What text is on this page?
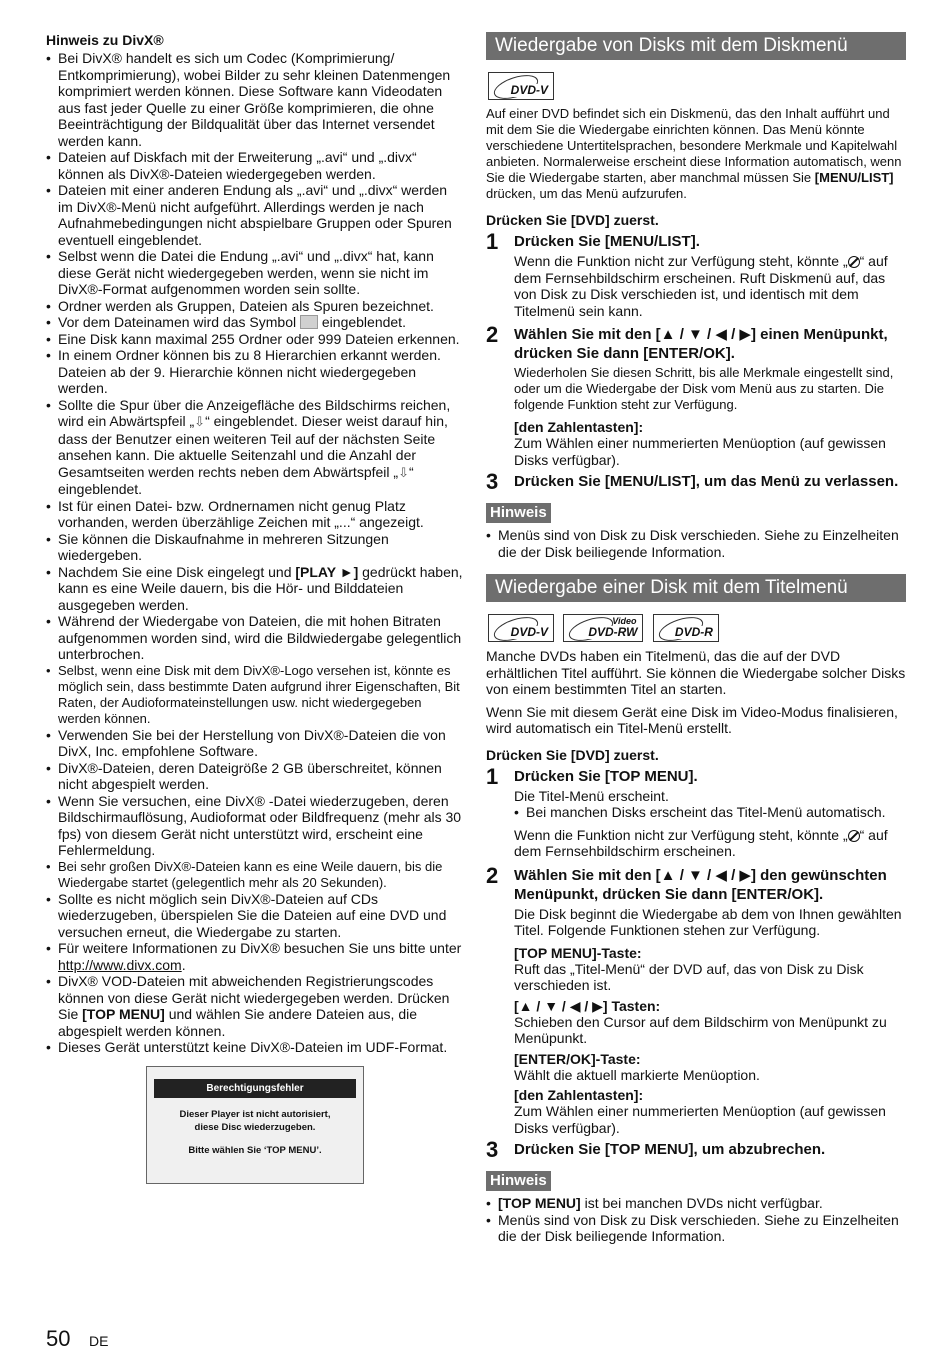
Hinweis zu DivX®
• Bei DivX® handelt es sich um Codec (Komprimierung/ Entkomprimierung), wobei Bilder zu sehr kleinen Datenmengen komprimiert werden können. Diese Software kann Videodaten aus fast jeder Quelle zu einer Größe komprimieren, die ohne Beeinträchtigung der Bildqualität über das Internet versendet werden kann.
• Dateien auf Diskfach mit der Erweiterung „.avi“ und „.divx“ können als DivX®-Dateien wiedergegeben werden.
• Dateien mit einer anderen Endung als „.avi“ und „.divx“ werden im DivX®-Menü nicht aufgeführt. Allerdings werden je nach Aufnahmebedingungen nicht abspielbare Gruppen oder Spuren eventuell eingeblendet.
• Selbst wenn die Datei die Endung „.avi“ und „.divx“ hat, kann diese Gerät nicht wiedergegeben werden, wenn sie nicht im DivX®-Format aufgenommen worden sein sollte.
• Ordner werden als Gruppen, Dateien als Spuren bezeichnet.
• Vor dem Dateinamen wird das Symbol eingeblendet.
• Eine Disk kann maximal 255 Ordner oder 999 Dateien erkennen.
• In einem Ordner können bis zu 8 Hierarchien erkannt werden. Dateien ab der 9. Hierarchie können nicht wiedergegeben werden.
• Sollte die Spur über die Anzeigefläche des Bildschirms reichen, wird ein Abwärtspfeil „⇩“ eingeblendet. Dieser weist darauf hin, dass der Benutzer einen weiteren Teil auf der nächsten Seite ansehen kann. Die aktuelle Seitenzahl und die Anzahl der Gesamtseiten werden rechts neben dem Abwärtspfeil „⇩“ eingeblendet.
• Ist für einen Datei- bzw. Ordnernamen nicht genug Platz vorhanden, werden überzählige Zeichen mit „...“ angezeigt.
• Sie können die Diskaufnahme in mehreren Sitzungen wiedergeben.
• Nachdem Sie eine Disk eingelegt und [PLAY ►] gedrückt haben, kann es eine Weile dauern, bis die Hör- und Bilddateien ausgegeben werden.
• Während der Wiedergabe von Dateien, die mit hohen Bitraten aufgenommen worden sind, wird die Bildwiedergabe gelegentlich unterbrochen.
• Selbst, wenn eine Disk mit dem DivX®-Logo versehen ist, könnte es möglich sein, dass bestimmte Daten aufgrund ihrer Eigenschaften, Bit Raten, der Audioformateinstellungen usw. nicht wiedergegeben werden können.
• Verwenden Sie bei der Herstellung von DivX®-Dateien die von DivX, Inc. empfohlene Software.
• DivX®-Dateien, deren Dateigröße 2 GB überschreitet, können nicht abgespielt werden.
• Wenn Sie versuchen, eine DivX® -Datei wiederzugeben, deren Bildschirmauflösung, Audioformat oder Bildfrequenz (mehr als 30 fps) von diesem Gerät nicht unterstützt wird, erscheint eine Fehlermeldung.
• Bei sehr großen DivX®-Dateien kann es eine Weile dauern, bis die Wiedergabe startet (gelegentlich mehr als 20 Sekunden).
• Sollte es nicht möglich sein DivX®-Dateien auf CDs wiederzugeben, überspielen Sie die Dateien auf eine DVD und versuchen erneut, die Wiedergabe zu starten.
• Für weitere Informationen zu DivX® besuchen Sie uns bitte unter http://www.divx.com.
• DivX® VOD-Dateien mit abweichenden Registrierungscodes können von diese Gerät nicht wiedergegeben werden. Drücken Sie [TOP MENU] und wählen Sie andere Dateien aus, die abgespielt werden können.
• Dieses Gerät unterstützt keine DivX®-Dateien im UDF-Format.
Berechtigungsfehler

Dieser Player ist nicht autorisiert,

diese Disc wiederzugeben.

Bitte wählen Sie ‘TOP MENU’.

Wiedergabe von Disks mit dem Diskmenü
DVD-V

Auf einer DVD befindet sich ein Diskmenü, das den Inhalt aufführt und mit dem Sie die Wiedergabe einrichten können. Das Menü könnte verschiedene Untertitelsprachen, besondere Merkmale und Kapitelwahl anbieten. Normalerweise erscheint diese Information automatisch, wenn Sie die Wiedergabe starten, aber manchmal müssen Sie [MENU/LIST] drücken, um das Menü aufzurufen.

Drücken Sie [DVD] zuerst.
1 Drücken Sie [MENU/LIST].
Wenn die Funktion nicht zur Verfügung steht, könnte „ “ auf dem Fernsehbildschirm erscheinen. Ruft Diskmenü auf, das von Disk zu Disk verschieden ist, und identisch mit dem Titelmenü sein kann.
2 Wählen Sie mit den [▲ / ▼ / ◀ / ▶] einen Menüpunkt, drücken Sie dann [ENTER/OK].
Wiederholen Sie diesen Schritt, bis alle Merkmale eingestellt sind, oder um die Wiedergabe der Disk vom Menü aus zu starten. Die folgende Funktion steht zur Verfügung.
[den Zahlentasten]:
Zum Wählen einer nummerierten Menüoption (auf gewissen Disks verfügbar).
3 Drücken Sie [MENU/LIST], um das Menü zu verlassen.
Hinweis
• Menüs sind von Disk zu Disk verschieden. Siehe zu Einzelheiten die der Disk beiliegende Information.
Wiedergabe einer Disk mit dem Titelmenü
DVD-V

Video
DVD-RW
	DVD-R

Manche DVDs haben ein Titelmenü, das die auf der DVD erhältlichen Titel aufführt. Sie können die Wiedergabe solcher Disks von einem bestimmten Titel an starten.

Wenn Sie mit diesem Gerät eine Disk im Video-Modus finalisieren, wird automatisch ein Titel-Menü erstellt.

Drücken Sie [DVD] zuerst.
1 Drücken Sie [TOP MENU].
Die Titel-Menü erscheint.
• Bei manchen Disks erscheint das Titel-Menü automatisch.
Wenn die Funktion nicht zur Verfügung steht, könnte „ “ auf dem Fernsehbildschirm erscheinen.
2 Wählen Sie mit den [▲ / ▼ / ◀ / ▶] den gewünschten Menüpunkt, drücken Sie dann [ENTER/OK].
Die Disk beginnt die Wiedergabe ab dem von Ihnen gewählten Titel. Folgende Funktionen stehen zur Verfügung.
[TOP MENU]-Taste:
Ruft das „Titel-Menü“ der DVD auf, das von Disk zu Disk verschieden ist.
[▲ / ▼ / ◀ / ▶] Tasten:
Schieben den Cursor auf dem Bildschirm von Menüpunkt zu Menüpunkt.
[ENTER/OK]-Taste:
Wählt die aktuell markierte Menüoption.
[den Zahlentasten]:
Zum Wählen einer nummerierten Menüoption (auf gewissen Disks verfügbar).
3 Drücken Sie [TOP MENU], um abzubrechen.
Hinweis
• [TOP MENU] ist bei manchen DVDs nicht verfügbar.
• Menüs sind von Disk zu Disk verschieden. Siehe zu Einzelheiten die der Disk beiliegende Information.
50 DE
